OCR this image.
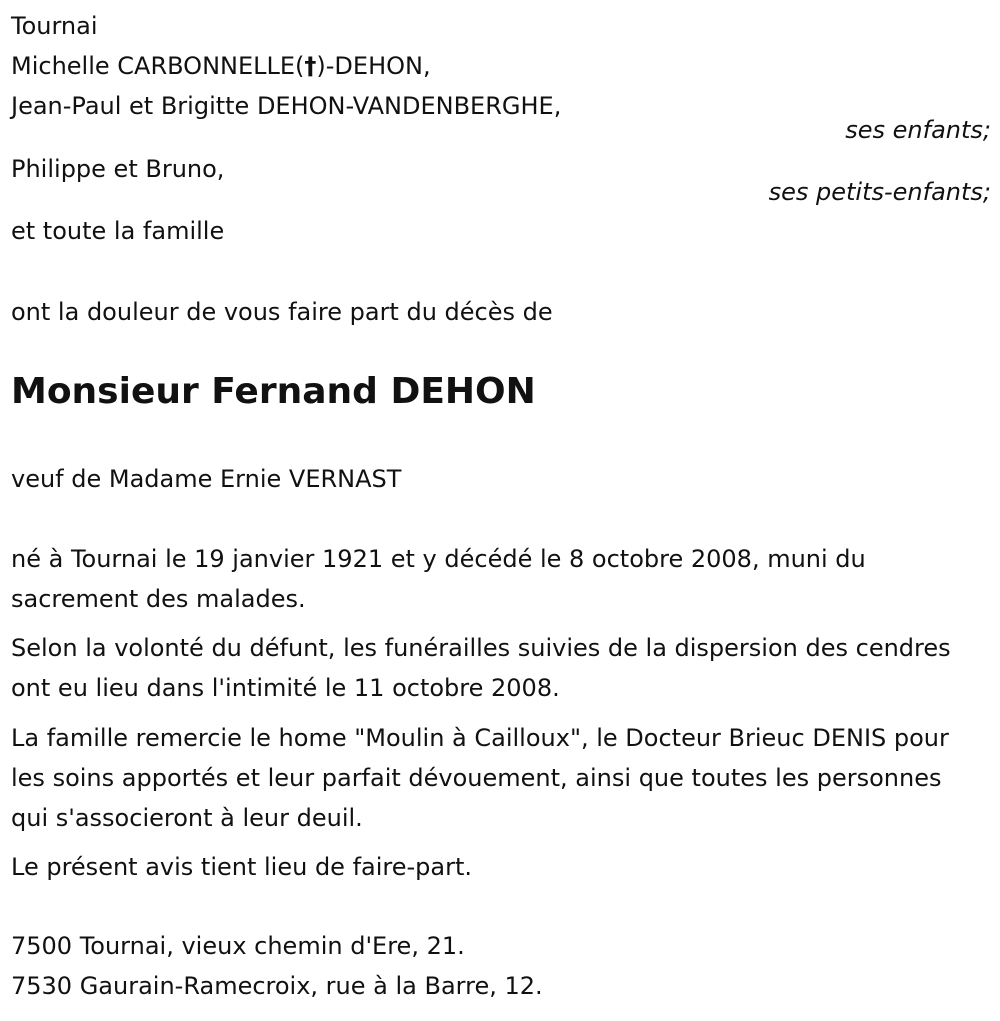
Tournai
Michelle CARBONNELLE(†)-DEHON,
Jean-Paul et Brigitte DEHON-VANDENBERGHE,
ses enfants;
Philippe et Bruno,
ses petits-enfants;
et toute la famille
ont la douleur de vous faire part du décès de
Monsieur Fernand DEHON
veuf de Madame Ernie VERNAST
né à Tournai le 19 janvier 1921 et y décédé le 8 octobre 2008, muni du sacrement des malades.
Selon la volonté du défunt, les funérailles suivies de la dispersion des cendres ont eu lieu dans l'intimité le 11 octobre 2008.
La famille remercie le home "Moulin à Cailloux", le Docteur Brieuc DENIS pour les soins apportés et leur parfait dévouement, ainsi que toutes les personnes qui s'associeront à leur deuil.
Le présent avis tient lieu de faire-part.
7500 Tournai, vieux chemin d'Ere, 21.
7530 Gaurain-Ramecroix, rue à la Barre, 12.
